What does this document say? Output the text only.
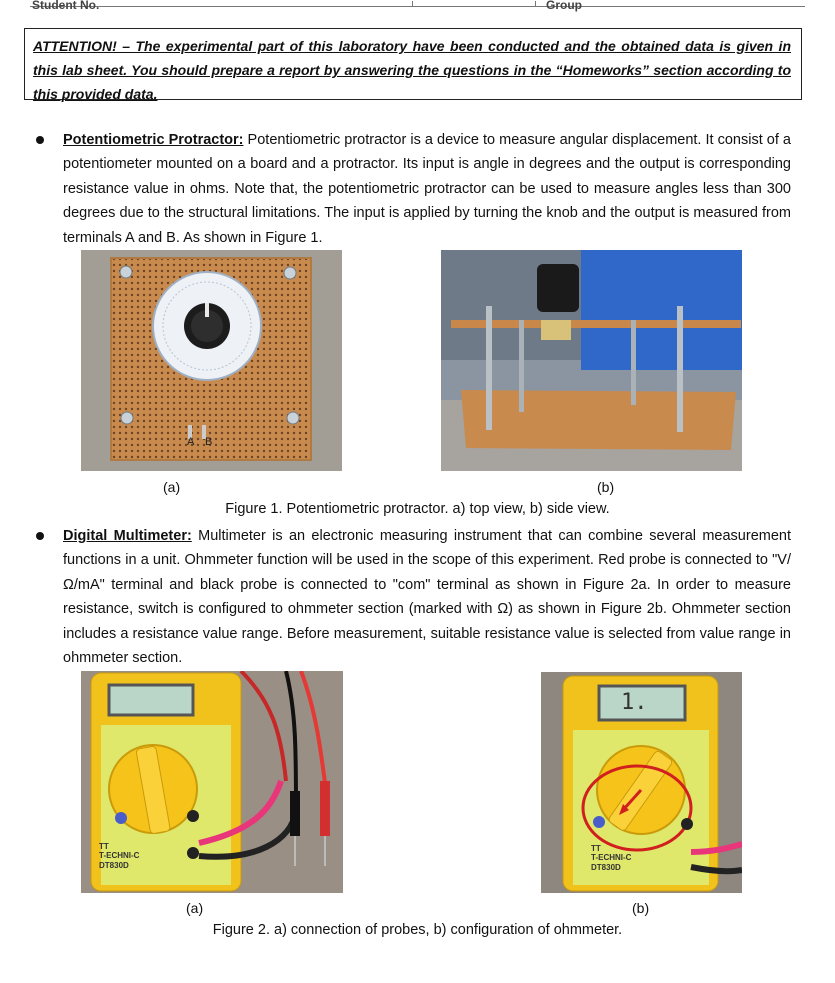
Student No.	Group

ATTENTION! – The experimental part of this laboratory have been conducted and the obtained data is given in this lab sheet. You should prepare a report by answering the questions in the “Homeworks” section according to this provided data.

Potentiometric Protractor: Potentiometric protractor is a device to measure angular displacement. It consist of a potentiometer mounted on a board and a protractor. Its input is angle in degrees and the output is corresponding resistance value in ohms. Note that, the potentiometric protractor can be used to measure angles less than 300 degrees due to the structural limitations. The input is applied by turning the knob and the output is measured from terminals A and B. As shown in Figure 1.

A B
(a)	(b)
Figure 1. Potentiometric protractor. a) top view, b) side view.

Digital Multimeter: Multimeter is an electronic measuring instrument that can combine several measurement functions in a unit. Ohmmeter function will be used in the scope of this experiment. Red probe is connected to "V/Ω/mA" terminal and black probe is connected to "com" terminal as shown in Figure 2a. In order to measure resistance, switch is configured to ohmmeter section (marked with Ω) as shown in Figure 2b. Ohmmeter section includes a resistance value range. Before measurement, suitable resistance value is selected from value range in ohmmeter section.

TT
T-ECHNI-C
DT830D
1.
TT
T-ECHNI-C
DT830D
(a)	(b)
Figure 2. a) connection of probes, b) configuration of ohmmeter.
